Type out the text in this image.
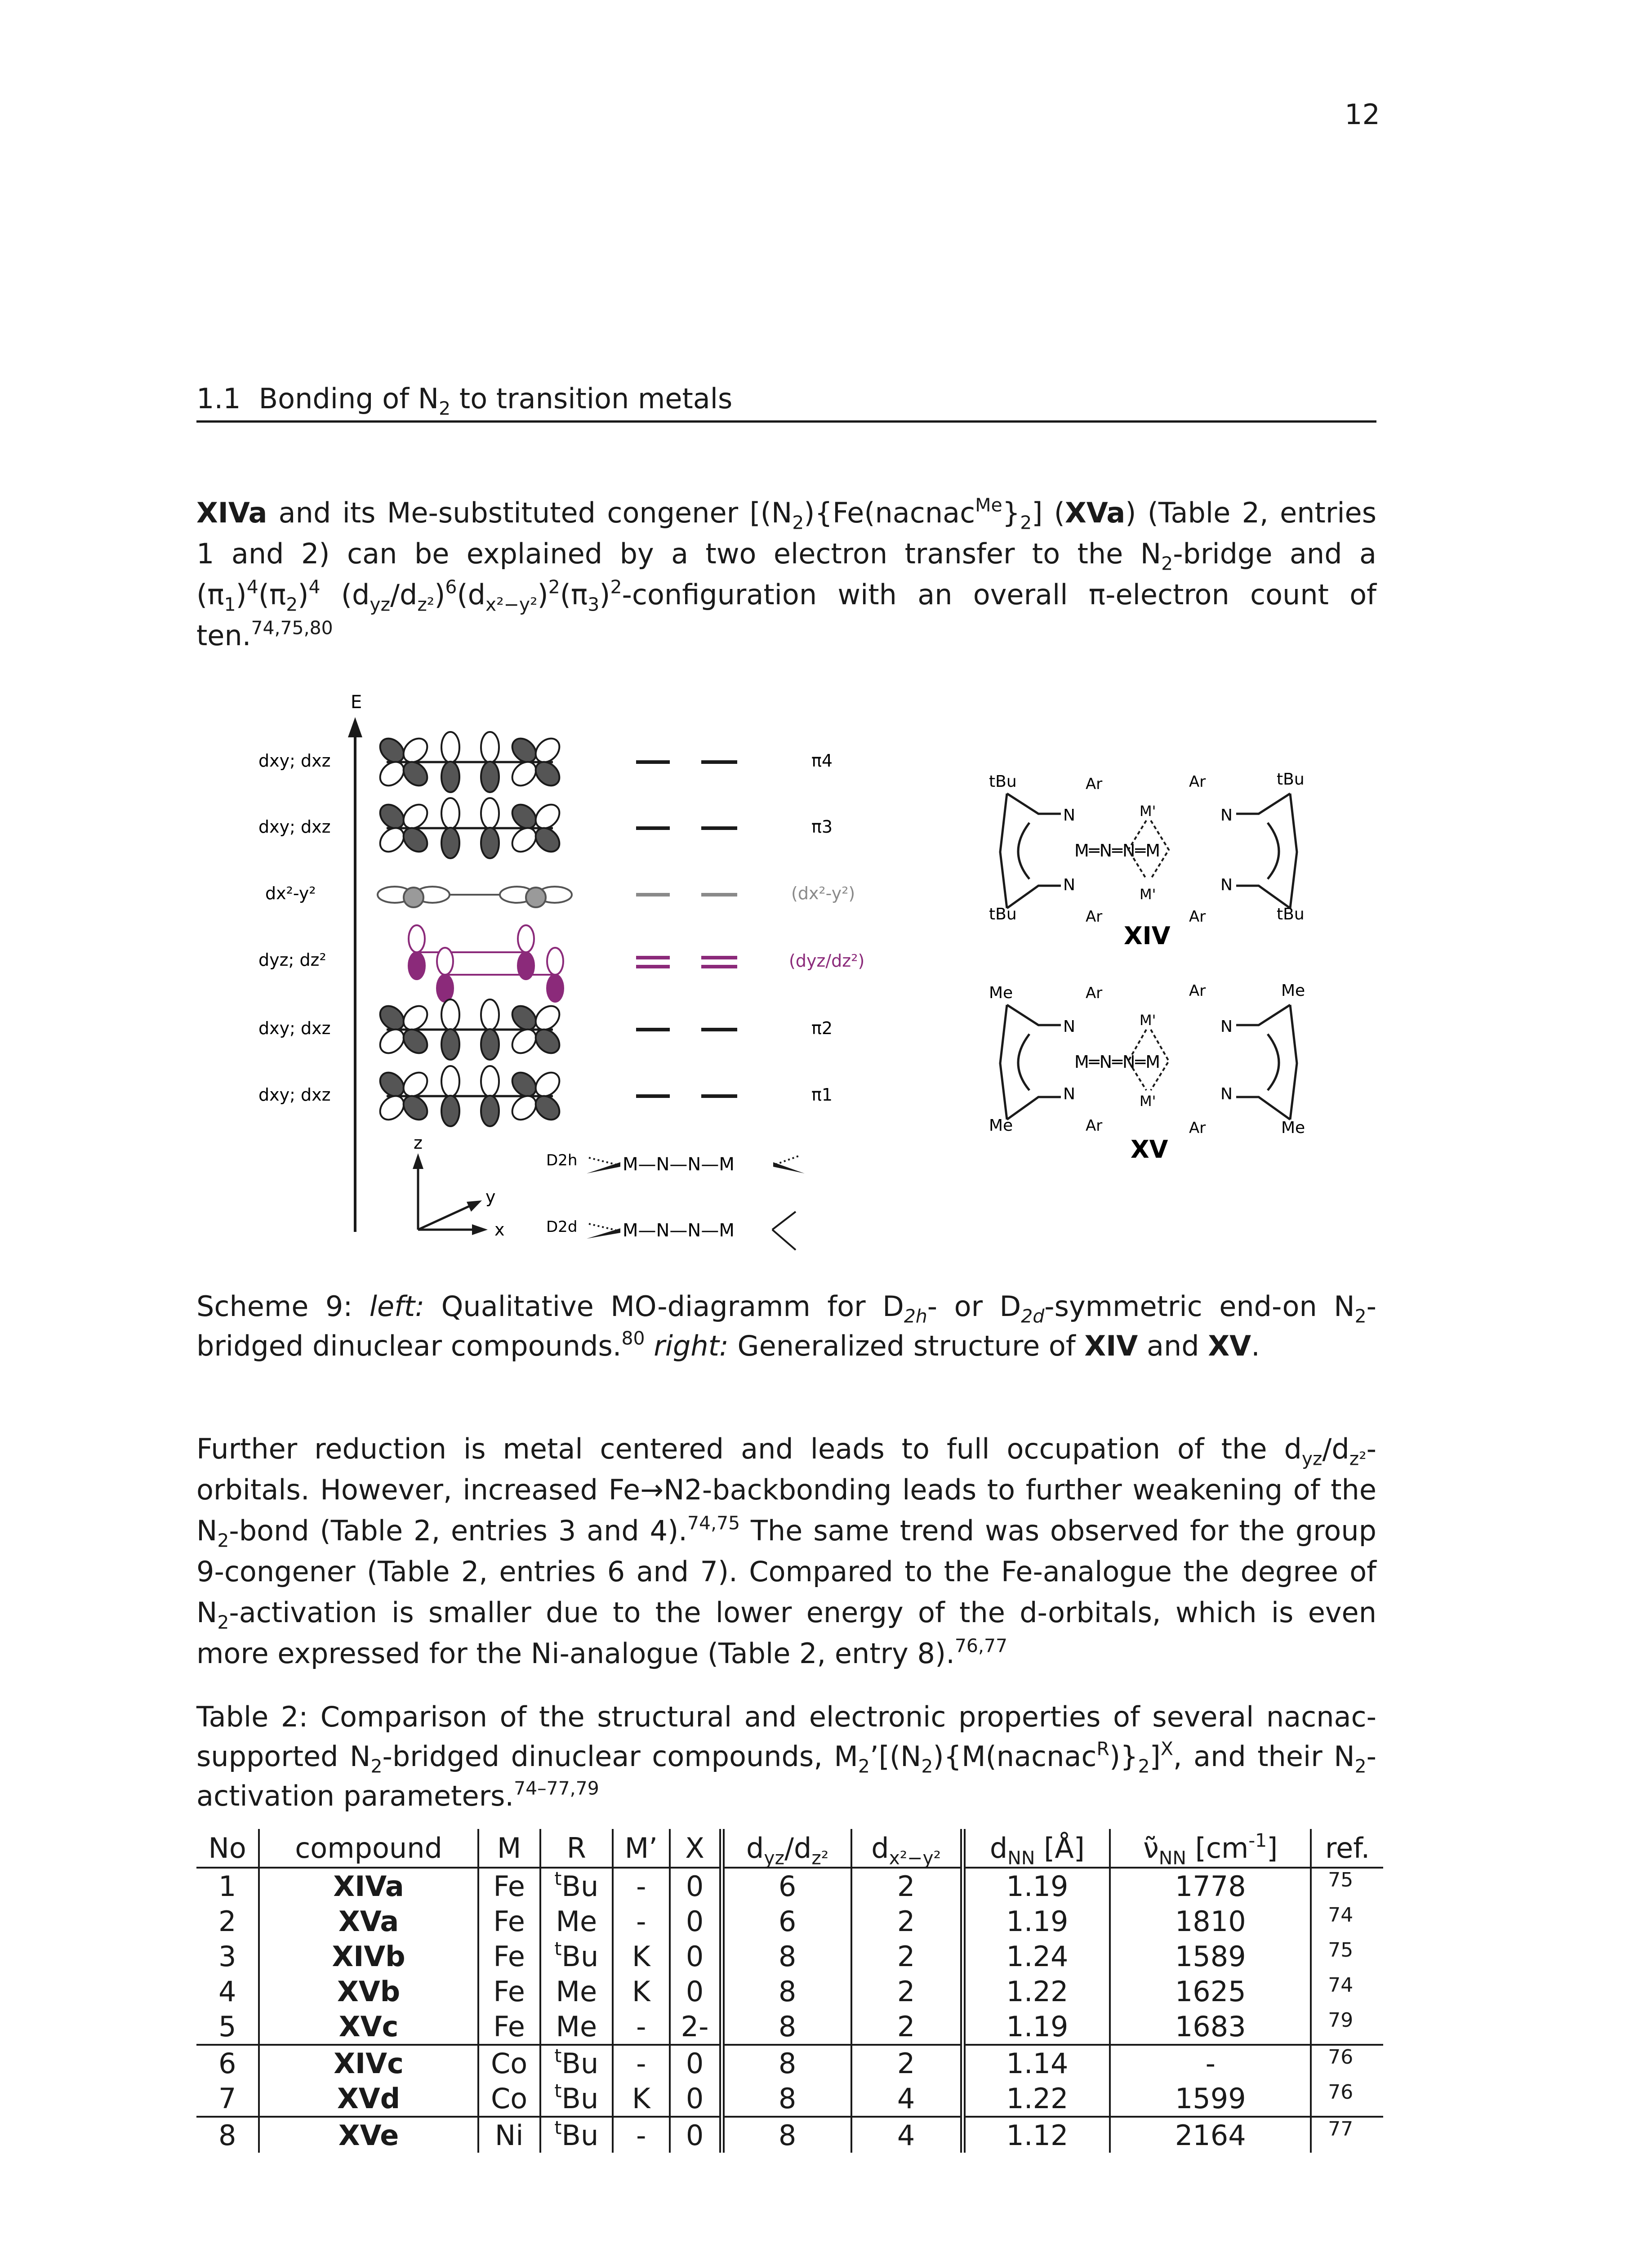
12
1.1 Bonding of $N_2$ to transition metals
XIVa and its Me-substituted congener [$(N_2)\{Fe(nacnac^{Me}\}_2]$ (XVa) (Table 2, entries 1 and 2) can be explained by a two electron transfer to the $N_2$-bridge and a $(\pi_1)^4(\pi_2)^4$ $(d_{yz}/d_{z^2})^6(d_{x^2-y^2})^2(\pi_3)^2$-configuration with an overall π-electron count of ten.$^{74,75,80}$
E
dxy; dxz	π4
dxy; dxz	π3
dx²-y²	(dx²-y²)
dyz; dz²	(dyz/dz²)
dxy; dxz	π2
dxy; dxz	π1
z
y
x
D2h	M—N—N—M
D2d	M—N—N—M
tBu	tBu
tBu	tBu
Ar	Ar
Ar	Ar
N
N
N
N
M═N═N═M
M'
M'
XIV
Me	Me
Me	Me
Ar	Ar
Ar	Ar
N
N
N
N
M═N═N═M
M'
M'
XV
Scheme 9: left: Qualitative MO-diagramm for $D_{2h}-$ or $D_{2d}$-symmetric end-on $N_2$-bridged dinuclear compounds.$^{80}$ right: Generalized structure of XIV and XV.
Further reduction is metal centered and leads to full occupation of the $d_{yz}/d_{z^2}$-orbitals. However, increased Fe→N2-backbonding leads to further weakening of the $N_2$-bond (Table 2, entries 3 and 4).$^{74,75}$ The same trend was observed for the group 9-congener (Table 2, entries 6 and 7). Compared to the Fe-analogue the degree of $N_2$-activation is smaller due to the lower energy of the d-orbitals, which is even more expressed for the Ni-analogue (Table 2, entry 8).$^{76,77}$
Table 2: Comparison of the structural and electronic properties of several nacnac-supported $N_2$-bridged dinuclear compounds, $M_2’[(N_2)\{M(nacnac^R)\}_2]^X$, and their $N_2$-activation parameters.$^{74-77,79}$
No	compound	M	R	M’	X	$d_{yz}/d_{z^2}$	$d_{x^2-y^2}$	$d_{NN}$ [Å]	$\nũ_{NN}$ $[cm^{-1}]$	ref.
1	XIVa	Fe	$^t$Bu	-	0	6	2	1.19	1778	75
2	XVa	Fe	Me	-	0	6	2	1.19	1810	74
3	XIVb	Fe	$^t$Bu	K	0	8	2	1.24	1589	75
4	XVb	Fe	Me	K	0	8	2	1.22	1625	74
5	XVc	Fe	Me	-	2-	8	2	1.19	1683	79
6	XIVc	Co	$^t$Bu	-	0	8	2	1.14	-	76
7	XVd	Co	$^t$Bu	K	0	8	4	1.22	1599	76
8	XVe	Ni	$^t$Bu	-	0	8	4	1.12	2164	77
